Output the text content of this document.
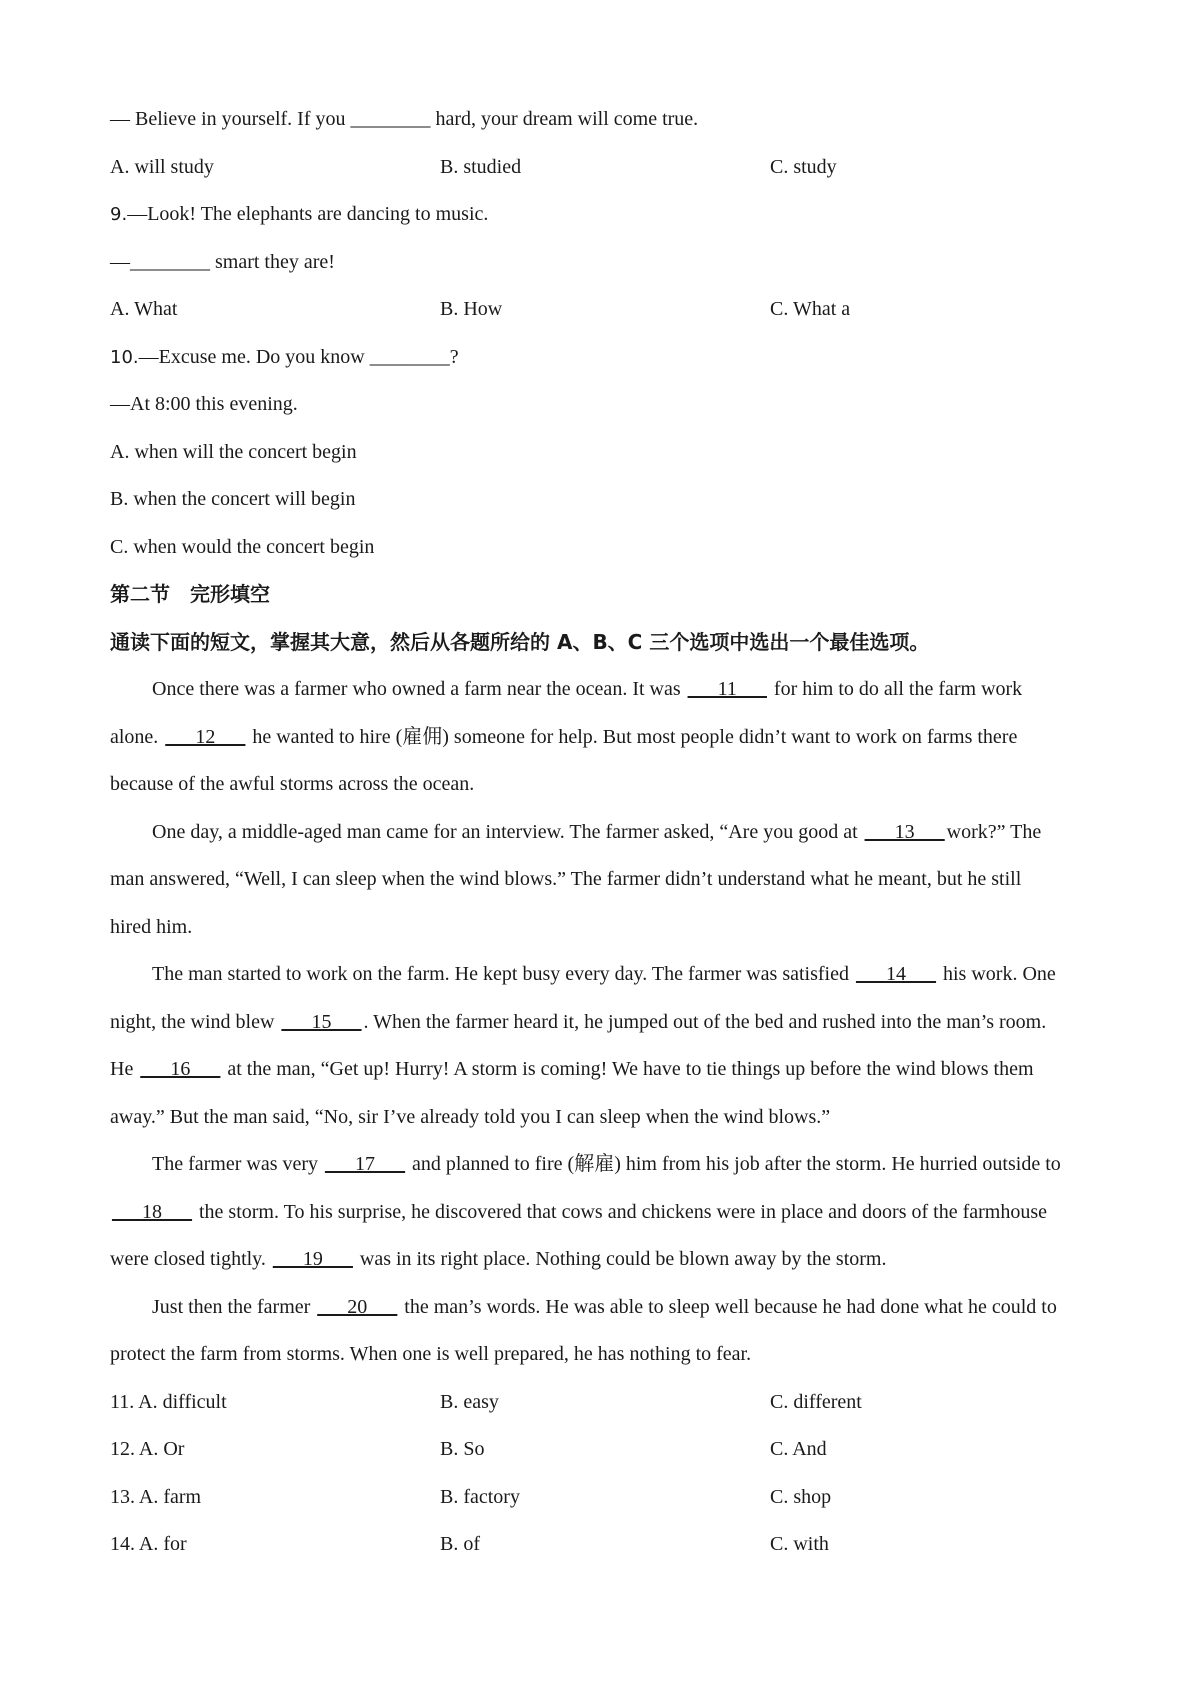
— Believe in yourself. If you ________ hard, your dream will come true.
A. will study	B. studied	C. study
9.—Look! The elephants are dancing to music.
—________ smart they are!
A. What	B. How	C. What a
10.—Excuse me. Do you know ________?
—At 8:00 this evening.
A. when will the concert begin
B. when the concert will begin
C. when would the concert begin
第二节　完形填空
通读下面的短文，掌握其大意，然后从各题所给的 A、B、C 三个选项中选出一个最佳选项。
Once there was a farmer who owned a farm near the ocean. It was ___11___ for him to do all the farm work
alone. ___12___ he wanted to hire (雇佣) someone for help. But most people didn’t want to work on farms there
because of the awful storms across the ocean.
One day, a middle-aged man came for an interview. The farmer asked, “Are you good at ___13___ work?” The
man answered, “Well, I can sleep when the wind blows.” The farmer didn’t understand what he meant, but he still
hired him.
The man started to work on the farm. He kept busy every day. The farmer was satisfied ___14___ his work. One
night, the wind blew ___15___ . When the farmer heard it, he jumped out of the bed and rushed into the man’s room.
He ___16___ at the man, “Get up! Hurry! A storm is coming! We have to tie things up before the wind blows them
away.” But the man said, “No, sir I’ve already told you I can sleep when the wind blows.”
The farmer was very ___17___ and planned to fire (解雇) him from his job after the storm. He hurried outside to
___18___ the storm. To his surprise, he discovered that cows and chickens were in place and doors of the farmhouse
were closed tightly. ___19___ was in its right place. Nothing could be blown away by the storm.
Just then the farmer ___20___ the man’s words. He was able to sleep well because he had done what he could to
protect the farm from storms. When one is well prepared, he has nothing to fear.
11. A. difficult	B. easy	C. different
12. A. Or	B. So	C. And
13. A. farm	B. factory	C. shop
14. A. for	B. of	C. with
